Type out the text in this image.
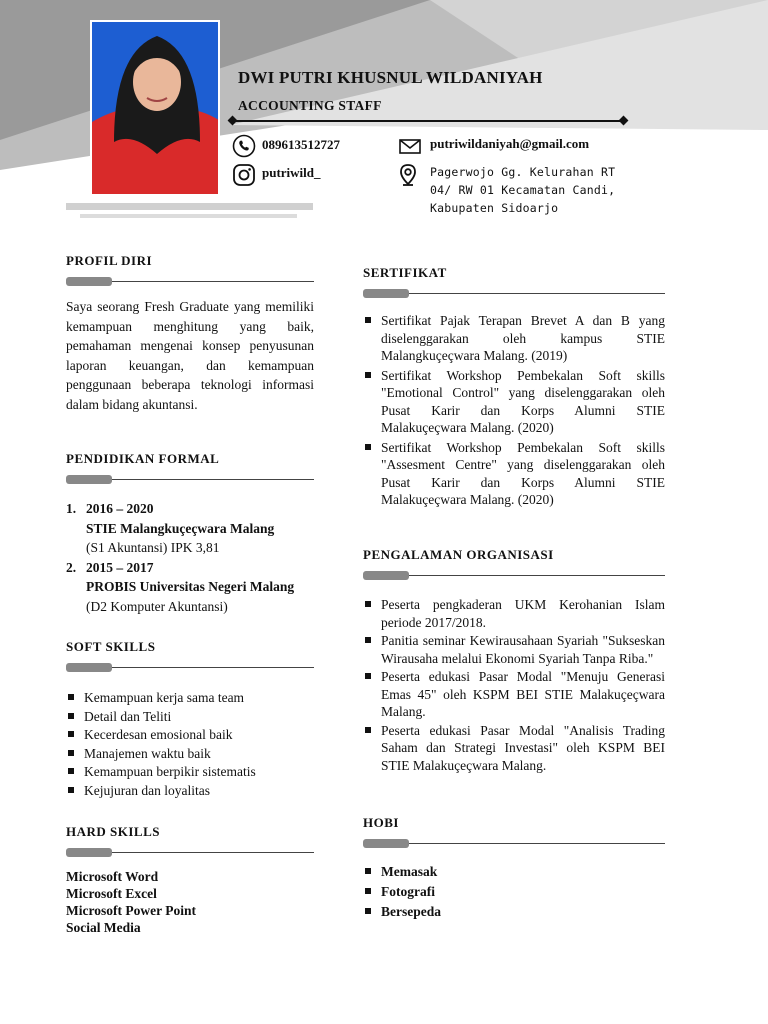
DWI PUTRI KHUSNUL WILDANIYAH
ACCOUNTING STAFF
089613512727
putriwild_
putriwildaniyah@gmail.com
Pagerwojo Gg. Kelurahan RT
04/ RW 01 Kecamatan Candi,
Kabupaten Sidoarjo
PROFIL DIRI
Saya seorang Fresh Graduate yang memiliki kemampuan menghitung yang baik, pemahaman mengenai konsep penyusunan laporan keuangan, dan kemampuan penggunaan beberapa teknologi informasi dalam bidang akuntansi.
PENDIDIKAN FORMAL
1. 2016 – 2020
STIE Malangkuçeçwara Malang
(S1 Akuntansi) IPK 3,81
2. 2015 – 2017
PROBIS Universitas Negeri Malang (D2 Komputer Akuntansi)
SOFT SKILLS
Kemampuan kerja sama team
Detail dan Teliti
Kecerdesan emosional baik
Manajemen waktu baik
Kemampuan berpikir sistematis
Kejujuran dan loyalitas
HARD SKILLS
Microsoft Word
Microsoft Excel
Microsoft Power Point
Social Media
SERTIFIKAT
Sertifikat Pajak Terapan Brevet A dan B yang diselenggarakan oleh kampus STIE Malangkuçeçwara Malang. (2019)
Sertifikat Workshop Pembekalan Soft skills "Emotional Control" yang diselenggarakan oleh Pusat Karir dan Korps Alumni STIE Malakuçeçwara Malang. (2020)
Sertifikat Workshop Pembekalan Soft skills "Assesment Centre" yang diselenggarakan oleh Pusat Karir dan Korps Alumni STIE Malakuçeçwara Malang. (2020)
PENGALAMAN ORGANISASI
Peserta pengkaderan UKM Kerohanian Islam periode 2017/2018.
Panitia seminar Kewirausahaan Syariah "Sukseskan Wirausaha melalui Ekonomi Syariah Tanpa Riba."
Peserta edukasi Pasar Modal "Menuju Generasi Emas 45" oleh KSPM BEI STIE Malakuçeçwara Malang.
Peserta edukasi Pasar Modal "Analisis Trading Saham dan Strategi Investasi" oleh KSPM BEI STIE Malakuçeçwara Malang.
HOBI
Memasak
Fotografi
Bersepeda
